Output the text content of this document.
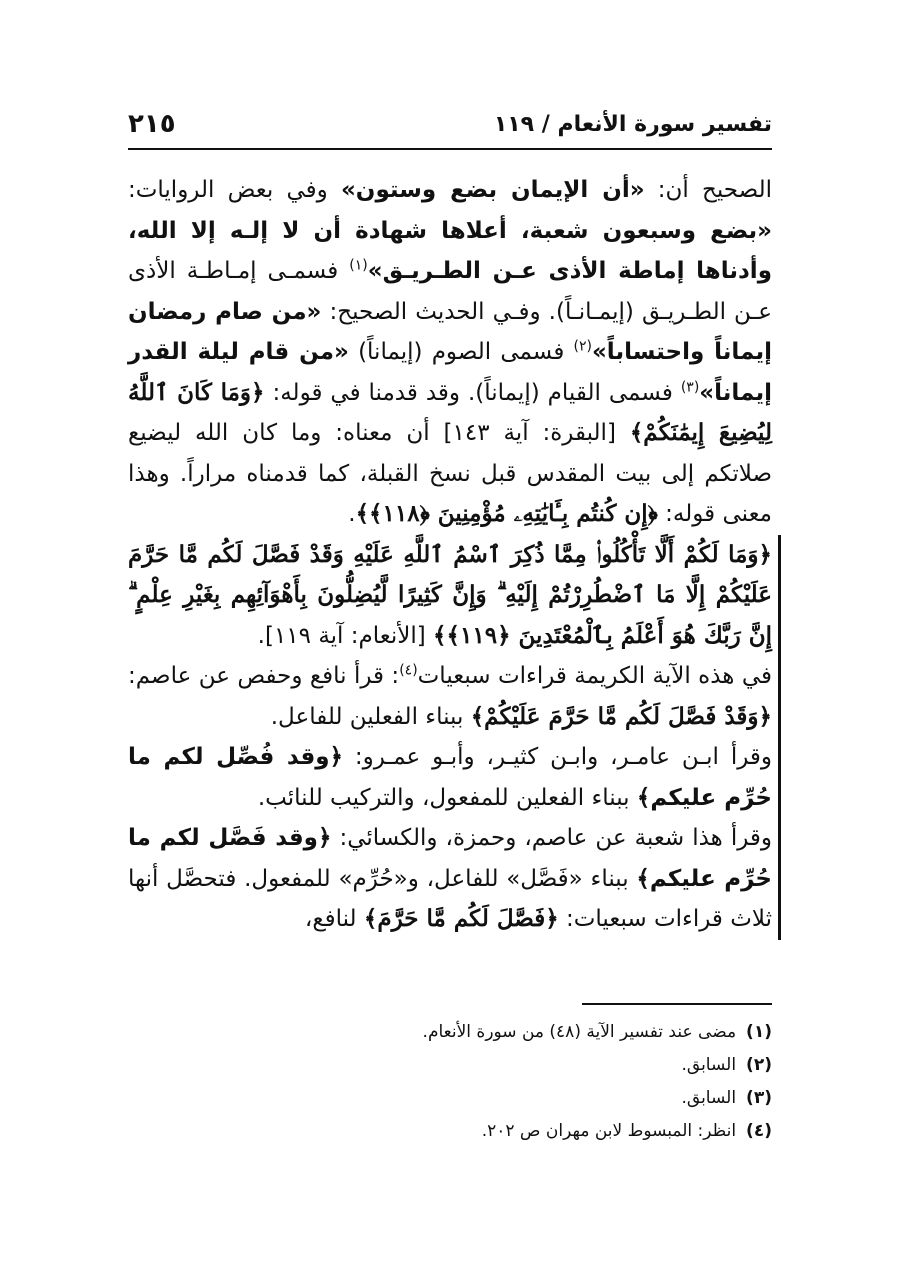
تفسير سورة الأنعام / ١١٩
٢١٥

الصحيح أن: «أن الإيمان بضع وستون» وفي بعض الروايات: «بضع وسبعون شعبة، أعلاها شهادة أن لا إلـه إلا الله، وأدناها إماطة الأذى عـن الطـريـق»$^{(١)}$ فسمـى إمـاطـة الأذى عـن الطـريـق (إيمـانـاً). وفـي الحديث الصحيح: «من صام رمضان إيماناً واحتساباً»$^{(٢)}$ فسمى الصوم (إيماناً) «من قام ليلة القدر إيماناً»$^{(٣)}$ فسمى القيام (إيماناً). وقد قدمنا في قوله: ﴿وَمَا كَانَ ٱللَّهُ لِيُضِيعَ إِيمَٰنَكُمْ﴾ [البقرة: آية ١٤٣] أن معناه: وما كان الله ليضيع صلاتكم إلى بيت المقدس قبل نسخ القبلة، كما قدمناه مراراً. وهذا معنى قوله: ﴿إِن كُنتُم بِـَٔايَٰتِهِۦ مُؤْمِنِينَ ﴿١١٨﴾﴾.

﴿وَمَا لَكُمْ أَلَّا تَأْكُلُوا۟ مِمَّا ذُكِرَ ٱسْمُ ٱللَّهِ عَلَيْهِ وَقَدْ فَصَّلَ لَكُم مَّا حَرَّمَ عَلَيْكُمْ إِلَّا مَا ٱضْطُرِرْتُمْ إِلَيْهِ ۗ وَإِنَّ كَثِيرًا لَّيُضِلُّونَ بِأَهْوَآئِهِم بِغَيْرِ عِلْمٍ ۗ إِنَّ رَبَّكَ هُوَ أَعْلَمُ بِٱلْمُعْتَدِينَ ﴿١١٩﴾﴾ [الأنعام: آية ١١٩].

في هذه الآية الكريمة قراءات سبعيات$^{(٤)}$: قرأ نافع وحفص عن عاصم: ﴿وَقَدْ فَصَّلَ لَكُم مَّا حَرَّمَ عَلَيْكُمْ﴾ ببناء الفعلين للفاعل.

وقرأ ابـن عامـر، وابـن كثيـر، وأبـو عمـرو: ﴿وقد فُصِّل لكم ما حُرِّم عليكم﴾ ببناء الفعلين للمفعول، والتركيب للنائب.

وقرأ هذا شعبة عن عاصم، وحمزة، والكسائي: ﴿وقد فَصَّل لكم ما حُرِّم عليكم﴾ ببناء «فَصَّل» للفاعل، و«حُرِّم» للمفعول. فتحصَّل أنها ثلاث قراءات سبعيات: ﴿فَصَّلَ لَكُم مَّا حَرَّمَ﴾ لنافع،

(١)مضى عند تفسير الآية (٤٨) من سورة الأنعام.

(٢)السابق.

(٣)السابق.

(٤)انظر: المبسوط لابن مهران ص ٢٠٢.
